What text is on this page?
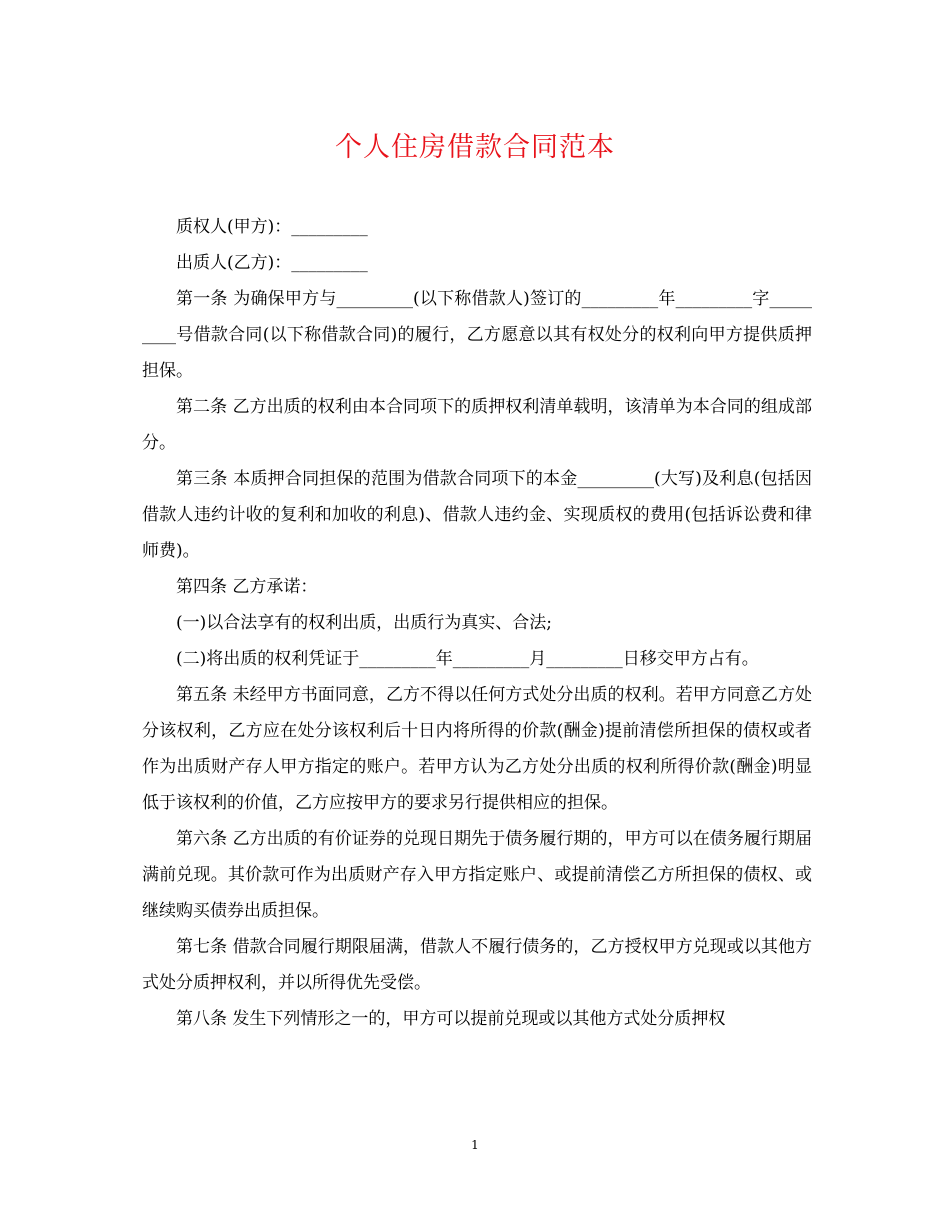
个人住房借款合同范本

质权人(甲方)：_________

出质人(乙方)：_________

第一条 为确保甲方与_________(以下称借款人)签订的_________年_________字_________号借款合同(以下称借款合同)的履行，乙方愿意以其有权处分的权利向甲方提供质押担保。

第二条 乙方出质的权利由本合同项下的质押权利清单载明，该清单为本合同的组成部分。

第三条 本质押合同担保的范围为借款合同项下的本金_________(大写)及利息(包括因借款人违约计收的复利和加收的利息)、借款人违约金、实现质权的费用(包括诉讼费和律师费)。

第四条 乙方承诺：

(一)以合法享有的权利出质，出质行为真实、合法;

(二)将出质的权利凭证于_________年_________月_________日移交甲方占有。

第五条 未经甲方书面同意，乙方不得以任何方式处分出质的权利。若甲方同意乙方处分该权利，乙方应在处分该权利后十日内将所得的价款(酬金)提前清偿所担保的债权或者作为出质财产存人甲方指定的账户。若甲方认为乙方处分出质的权利所得价款(酬金)明显低于该权利的价值，乙方应按甲方的要求另行提供相应的担保。

第六条 乙方出质的有价证券的兑现日期先于债务履行期的，甲方可以在债务履行期届满前兑现。其价款可作为出质财产存入甲方指定账户、或提前清偿乙方所担保的债权、或继续购买债券出质担保。

第七条 借款合同履行期限届满，借款人不履行债务的，乙方授权甲方兑现或以其他方式处分质押权利，并以所得优先受偿。

第八条 发生下列情形之一的，甲方可以提前兑现或以其他方式处分质押权

1
